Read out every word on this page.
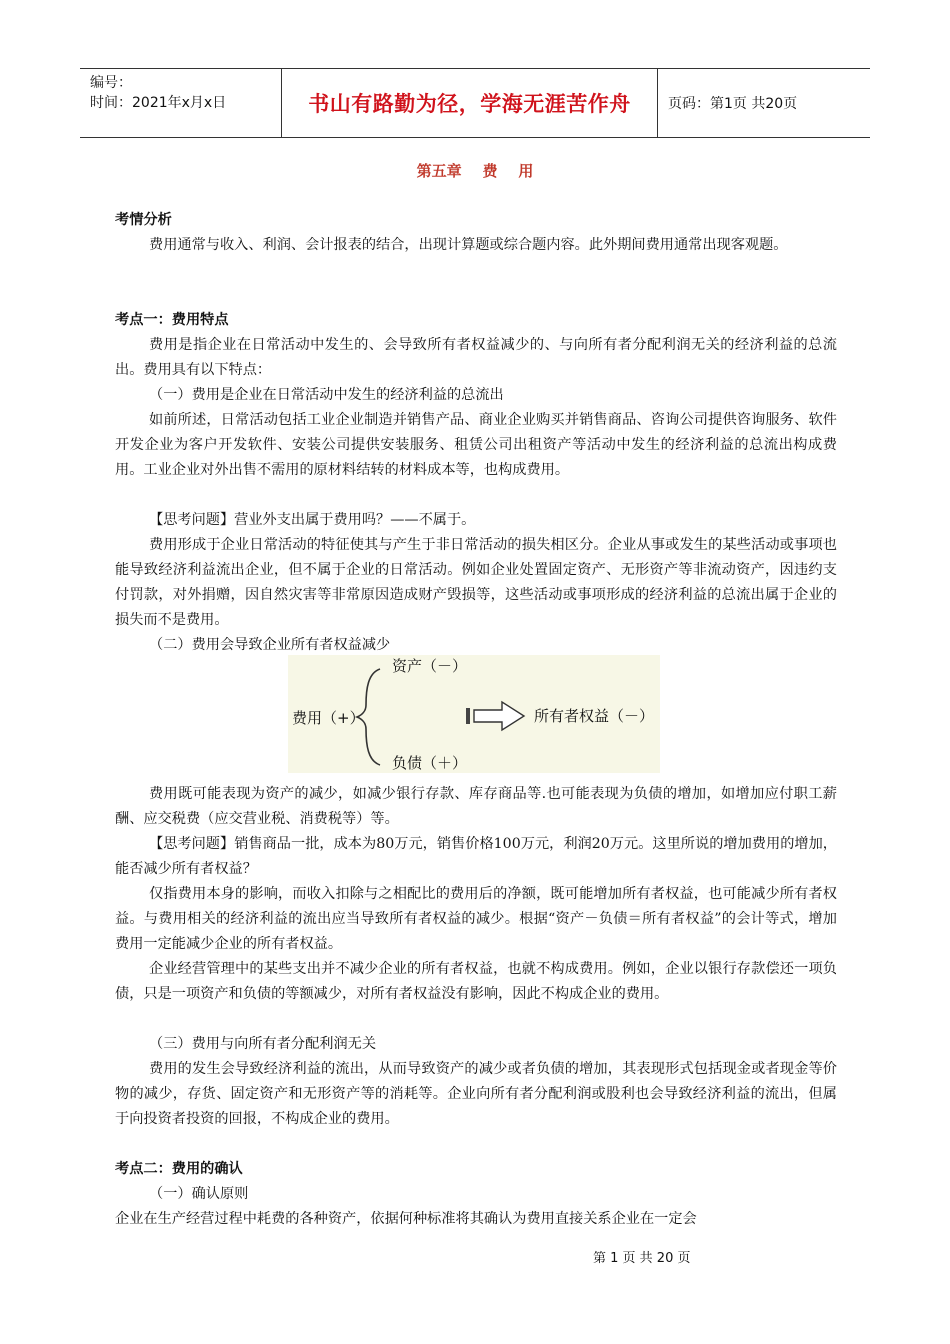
编号：
时间：2021年x月x日	书山有路勤为径，学海无涯苦作舟	页码：第1页 共20页
第五章    费    用

考情分析

费用通常与收入、利润、会计报表的结合，出现计算题或综合题内容。此外期间费用通常出现客观题。

考点一：费用特点

费用是指企业在日常活动中发生的、会导致所有者权益减少的、与向所有者分配利润无关的经济利益的总流出。费用具有以下特点：

（一）费用是企业在日常活动中发生的经济利益的总流出

如前所述，日常活动包括工业企业制造并销售产品、商业企业购买并销售商品、咨询公司提供咨询服务、软件开发企业为客户开发软件、安装公司提供安装服务、租赁公司出租资产等活动中发生的经济利益的总流出构成费用。工业企业对外出售不需用的原材料结转的材料成本等，也构成费用。

【思考问题】营业外支出属于费用吗？——不属于。

费用形成于企业日常活动的特征使其与产生于非日常活动的损失相区分。企业从事或发生的某些活动或事项也能导致经济利益流出企业，但不属于企业的日常活动。例如企业处置固定资产、无形资产等非流动资产，因违约支付罚款，对外捐赠，因自然灾害等非常原因造成财产毁损等，这些活动或事项形成的经济利益的总流出属于企业的损失而不是费用。

（二）费用会导致企业所有者权益减少

费用（+）
资产（－）
负债（＋）
所有者权益（－）

费用既可能表现为资产的减少，如减少银行存款、库存商品等.也可能表现为负债的增加，如增加应付职工薪酬、应交税费（应交营业税、消费税等）等。

【思考问题】销售商品一批，成本为80万元，销售价格100万元，利润20万元。这里所说的增加费用的增加，能否减少所有者权益？

仅指费用本身的影响，而收入扣除与之相配比的费用后的净额，既可能增加所有者权益，也可能减少所有者权益。与费用相关的经济利益的流出应当导致所有者权益的减少。根据“资产－负债＝所有者权益”的会计等式，增加费用一定能减少企业的所有者权益。

企业经营管理中的某些支出并不减少企业的所有者权益，也就不构成费用。例如，企业以银行存款偿还一项负债，只是一项资产和负债的等额减少，对所有者权益没有影响，因此不构成企业的费用。

（三）费用与向所有者分配利润无关

费用的发生会导致经济利益的流出，从而导致资产的减少或者负债的增加，其表现形式包括现金或者现金等价物的减少，存货、固定资产和无形资产等的消耗等。企业向所有者分配利润或股利也会导致经济利益的流出，但属于向投资者投资的回报，不构成企业的费用。

考点二：费用的确认

（一）确认原则

企业在生产经营过程中耗费的各种资产，依据何种标准将其确认为费用直接关系企业在一定会

第 1 页 共 20 页
